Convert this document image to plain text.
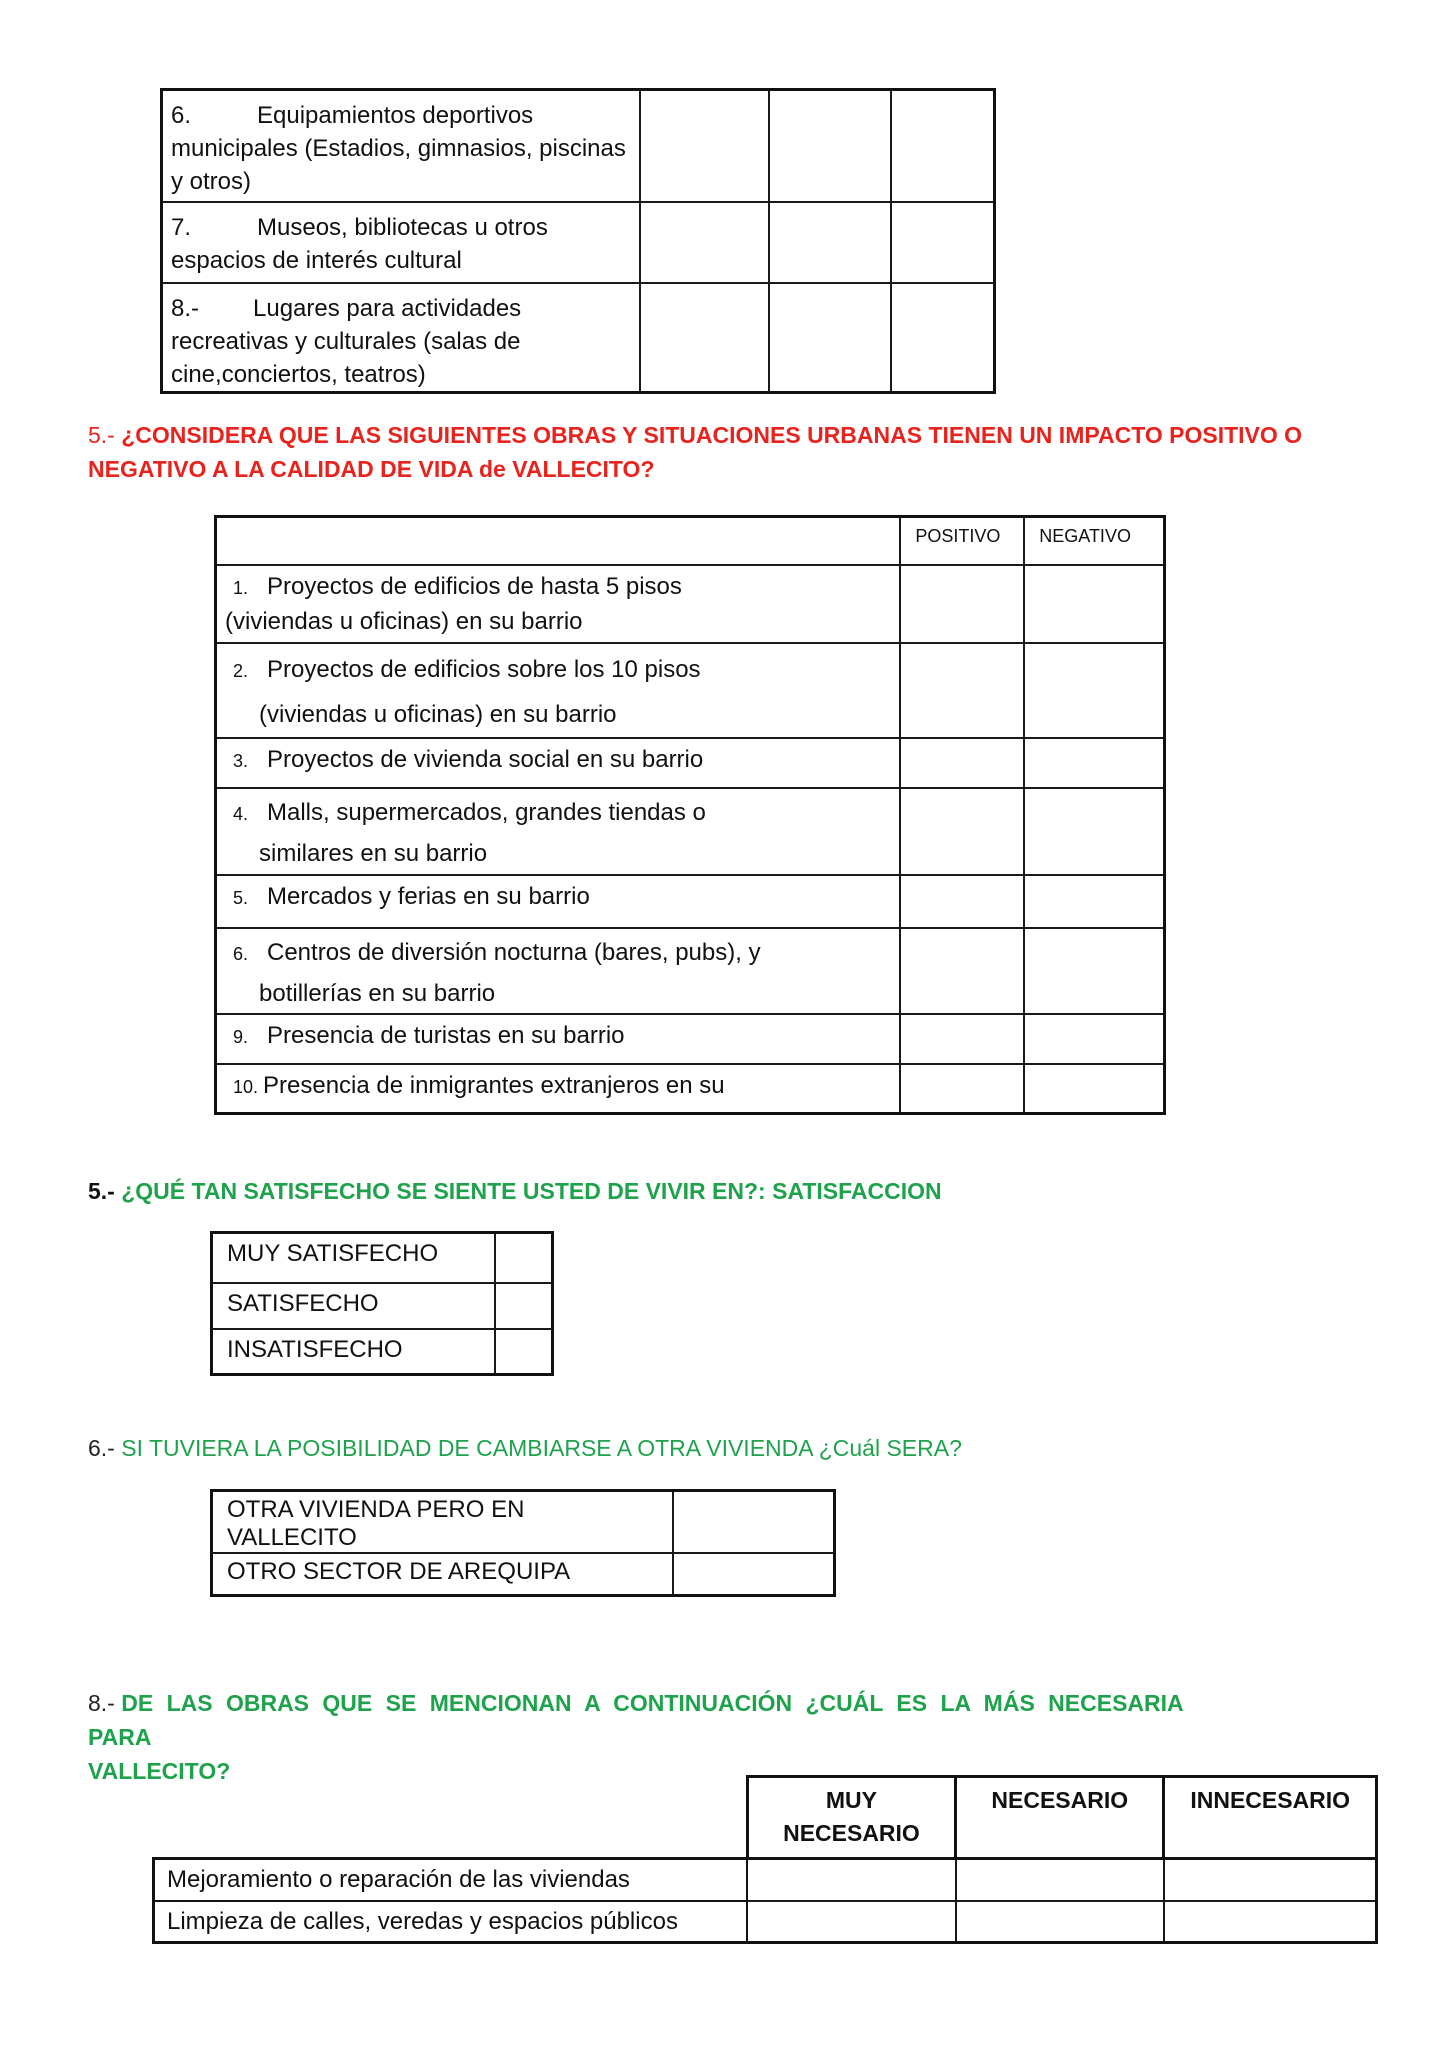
6. Equipamientos deportivos
municipales (Estadios, gimnasios, piscinas
y otros)			

7. Museos, bibliotecas u otros
espacios de interés cultural			

8.- Lugares para actividades
recreativas y culturales (salas de
cine,conciertos, teatros)			

5.- ¿CONSIDERA QUE LAS SIGUIENTES OBRAS Y SITUACIONES URBANAS TIENEN UN IMPACTO POSITIVO O
NEGATIVO A LA CALIDAD DE VIDA de VALLECITO?

	POSITIVO	NEGATIVO

1. Proyectos de edificios de hasta 5 pisos
(viviendas u oficinas) en su barrio		

2. Proyectos de edificios sobre los 10 pisos
(viviendas u oficinas) en su barrio		

3. Proyectos de vivienda social en su barrio		

4. Malls, supermercados, grandes tiendas o
similares en su barrio		

5. Mercados y ferias en su barrio		

6. Centros de diversión nocturna (bares, pubs), y
botillerías en su barrio		

9. Presencia de turistas en su barrio		

10. Presencia de inmigrantes extranjeros en su		

5.- ¿QUÉ TAN SATISFECHO SE SIENTE USTED DE VIVIR EN?: SATISFACCION
MUY SATISFECHO	

SATISFECHO	

INSATISFECHO	

6.- SI TUVIERA LA POSIBILIDAD DE CAMBIARSE A OTRA VIVIENDA ¿Cuál SERA?
OTRA VIVIENDA PERO EN VALLECITO	

OTRO SECTOR DE AREQUIPA	

8.- DE LAS OBRAS QUE SE MENCIONAN A CONTINUACIÓN ¿CUÁL ES LA MÁS NECESARIA PARA
VALLECITO?

	MUY
NECESARIO	NECESARIO	INNECESARIO

Mejoramiento o reparación de las viviendas			

Limpieza de calles, veredas y espacios públicos			
